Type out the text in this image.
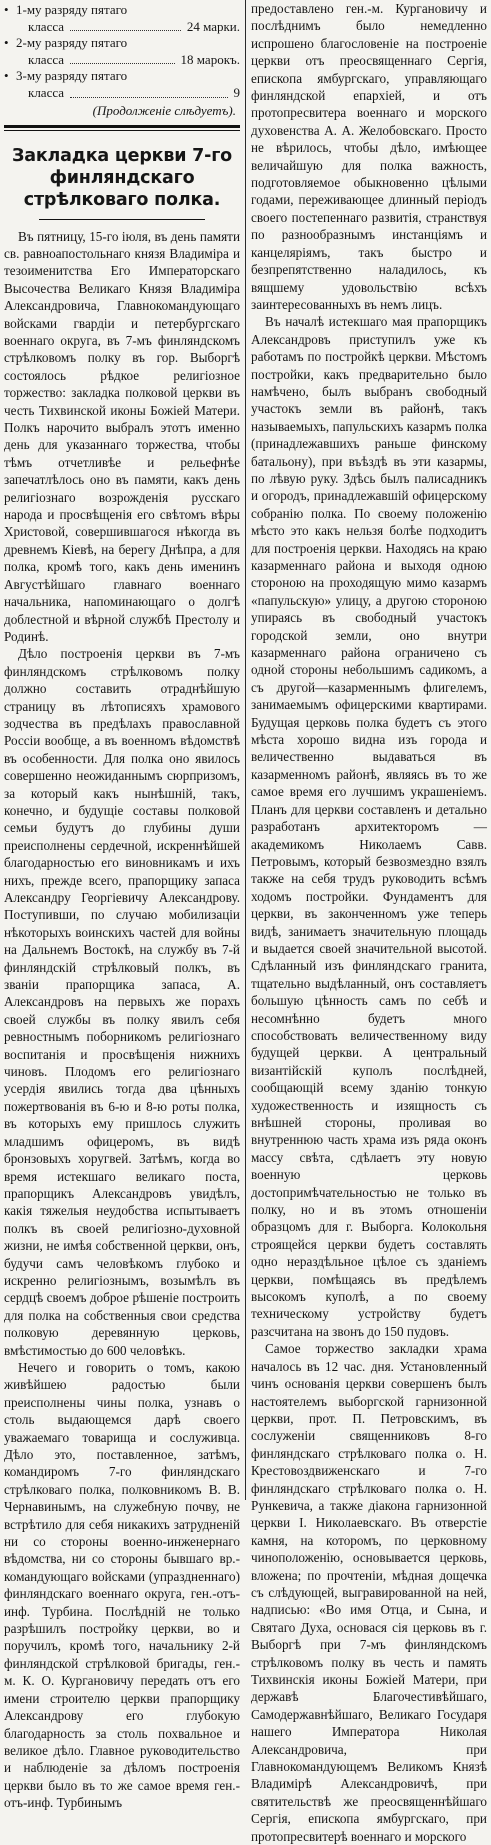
• 1-му разряду пятаго
класса	24 марки.
• 2-му разряду пятаго
класса	18 марокъ.
• 3-му разряду пятаго
класса	9

(Продолженіе слѣдуетъ).

Закладка церкви 7-го финляндскаго стрѣлковаго полка.

Въ пятницу, 15-го іюля, въ день памяти св. равноапостольнаго князя Владиміра и тезоименитства Его Императорскаго Высочества Великаго Князя Владиміра Александровича, Главнокомандующаго войсками гвардіи и петербургскаго военнаго округа, въ 7-мъ финляндскомъ стрѣлковомъ полку въ гор. Выборгѣ состоялось рѣдкое религіозное торжество: закладка полковой церкви въ честь Тихвинской иконы Божіей Матери. Полкъ нарочито выбралъ этотъ именно день для указаннаго торжества, чтобы тѣмъ отчетливѣе и рельефнѣе запечатлѣлось оно въ памяти, какъ день религіознаго возрожденія русскаго народа и просвѣщенія его свѣтомъ вѣры Христовой, совершившагося нѣкогда въ древнемъ Кіевѣ, на берегу Днѣпра, а для полка, кромѣ того, какъ день именинъ Августѣйшаго главнаго военнаго начальника, напоминающаго о долгѣ доблестной и вѣрной службѣ Престолу и Родинѣ.

Дѣло построенія церкви въ 7-мъ финляндскомъ стрѣлковомъ полку должно составить отраднѣйшую страницу въ лѣтописяхъ храмового зодчества въ предѣлахъ православной Россіи вообще, а въ военномъ вѣдомствѣ въ особенности. Для полка оно явилось совершенно неожиданнымъ сюрпризомъ, за который какъ нынѣшній, такъ, конечно, и будущіе составы полковой семьи будутъ до глубины души преисполнены сердечной, искреннѣйшей благодарностью его виновникамъ и ихъ нихъ, прежде всего, прапорщику запаса Александру Георгіевичу Александрову. Поступивши, по случаю мобилизаціи нѣкоторыхъ воинскихъ частей для войны на Дальнемъ Востокѣ, на службу въ 7-й финляндскій стрѣлковый полкъ, въ званіи прапорщика запаса, А. Александровъ на первыхъ же порахъ своей службы въ полку явилъ себя ревностнымъ поборникомъ религіознаго воспитанія и просвѣщенія нижнихъ чиновъ. Плодомъ его религіознаго усердія явились тогда два цѣнныхъ пожертвованія въ 6-ю и 8-ю роты полка, въ которыхъ ему пришлось служить младшимъ офицеромъ, въ видѣ бронзовыхъ хоругвей. Затѣмъ, когда во время истекшаго великаго поста, прапорщикъ Александровъ увидѣлъ, какія тяжелыя неудобства испытываетъ полкъ въ своей религіозно-духовной жизни, не имѣя собственной церкви, онъ, будучи самъ человѣкомъ глубоко и искренно религіознымъ, возымѣлъ въ сердцѣ своемъ доброе рѣшеніе построить для полка на собственныя свои средства полковую деревянную церковь, вмѣстимостью до 600 человѣкъ.

Нечего и говорить о томъ, какою живѣйшею радостью были преисполнены чины полка, узнавъ о столь выдающемся дарѣ своего уважаемаго товарища и сослуживца. Дѣло это, поставленное, затѣмъ, командиромъ 7-го финляндскаго стрѣлковаго полка, полковникомъ В. В. Чернавинымъ, на служебную почву, не встрѣтило для себя никакихъ затрудненій ни со стороны военно-инженернаго вѣдомства, ни со стороны бывшаго вр.-командующаго войсками (упраздненнаго) финляндскаго военнаго округа, ген.-отъ-инф. Турбина. Послѣдній не только разрѣшилъ постройку церкви, во и поручилъ, кромѣ того, начальнику 2-й финляндской стрѣлковой бригады, ген.-м. К. О. Кургановичу передать отъ его имени строителю церкви прапорщику Александрову его глубокую благодарность за столь похвальное и великое дѣло. Главное руководительство и наблюденіе за дѣломъ построенія церкви было въ то же самое время ген.-отъ-инф. Турбинымъ

предоставлено ген.-м. Кургановичу и послѣднимъ было немедленно испрошено благословеніе на построеніе церкви отъ преосвященнаго Сергія, епископа ямбургскаго, управляющаго финляндской епархіей, и отъ протопресвитера военнаго и морского духовенства А. А. Желобовскаго. Просто не вѣрилось, чтобы дѣло, имѣющее величайшую для полка важность, подготовляемое обыкновенно цѣлыми годами, переживающее длинный періодъ своего постепеннаго развитія, странствуя по разнообразнымъ инстанціямъ и канцеляріямъ, такъ быстро и безпрепятственно наладилось, къ вящшему удовольствію всѣхъ заинтересованныхъ въ немъ лицъ.

Въ началѣ истекшаго мая прапорщикъ Александровъ приступилъ уже къ работамъ по постройкѣ церкви. Мѣстомъ постройки, какъ предварительно было намѣчено, былъ выбранъ свободный участокъ земли въ районѣ, такъ называемыхъ, папульскихъ казармъ полка (принадлежавшихъ раньше финскому батальону), при въѣздѣ въ эти казармы, по лѣвую руку. Здѣсь былъ палисадникъ и огородъ, принадлежавшій офицерскому собранію полка. По своему положенію мѣсто это какъ нельзя болѣе подходитъ для построенія церкви. Находясь на краю казарменнаго района и выходя одною стороною на проходящую мимо казармъ «папульскую» улицу, а другою стороною упираясь въ свободный участокъ городской земли, оно внутри казарменнаго района ограничено съ одной стороны небольшимъ садикомъ, а съ другой—казарменнымъ флигелемъ, занимаемымъ офицерскими квартирами. Будущая церковь полка будетъ съ этого мѣста хорошо видна изъ города и величественно выдаваться въ казарменномъ районѣ, являясь въ то же самое время его лучшимъ украшеніемъ. Планъ для церкви составленъ и детально разработанъ архитекторомъ — академикомъ Николаемъ Савв. Петровымъ, который безвозмездно взялъ также на себя трудъ руководить всѣмъ ходомъ постройки. Фундаментъ для церкви, въ законченномъ уже теперь видѣ, занимаетъ значительную площадь и выдается своей значительной высотой. Сдѣланный изъ финляндскаго гранита, тщательно выдѣланный, онъ составляетъ большую цѣнность самъ по себѣ и несомнѣнно будетъ много способствовать величественному виду будущей церкви. А центральный византійскій куполъ послѣдней, сообщающій всему зданію тонкую художественность и изящность съ внѣшней стороны, проливая во внутреннюю часть храма изъ ряда оконъ массу свѣта, сдѣлаетъ эту новую военную церковь достопримѣчательностью не только въ полку, но и въ этомъ отношеніи образцомъ для г. Выборга. Колокольня строящейся церкви будетъ составлять одно нераздѣльное цѣлое съ зданіемъ церкви, помѣщаясь въ предѣлемъ высокомъ куполѣ, а по своему техническому устройству будетъ разсчитана на звонъ до 150 пудовъ.

Самое торжество закладки храма началось въ 12 час. дня. Установленный чинъ основанія церкви совершенъ былъ настоятелемъ выборгской гарнизонной церкви, прот. П. Петровскимъ, въ сослуженіи священниковъ 8-го финляндскаго стрѣлковаго полка о. Н. Крестовоздвиженскаго и 7-го финляндскаго стрѣлковаго полка о. Н. Рункевича, а также діакона гарнизонной церкви І. Николаевскаго. Въ отверстіе камня, на которомъ, по церковному чиноположенію, основывается церковь, вложена; по прочтеніи, мѣдная дощечка съ слѣдующей, выгравированной на ней, надписью: «Во имя Отца, и Сына, и Святаго Духа, основася сія церковь въ г. Выборгѣ при 7-мъ финляндскомъ стрѣлковомъ полку въ честь и память Тихвинскія иконы Божіей Матери, при державѣ Благочестивѣйшаго, Самодержавнѣйшаго, Великаго Государя нашего Императора Николая Александровича, при Главнокомандующемъ Великомъ Князѣ Владимірѣ Александровичѣ, при святительствѣ же преосвященнѣйшаго Сергія, епископа ямбургскаго, при протопресвитерѣ военнаго и морского
